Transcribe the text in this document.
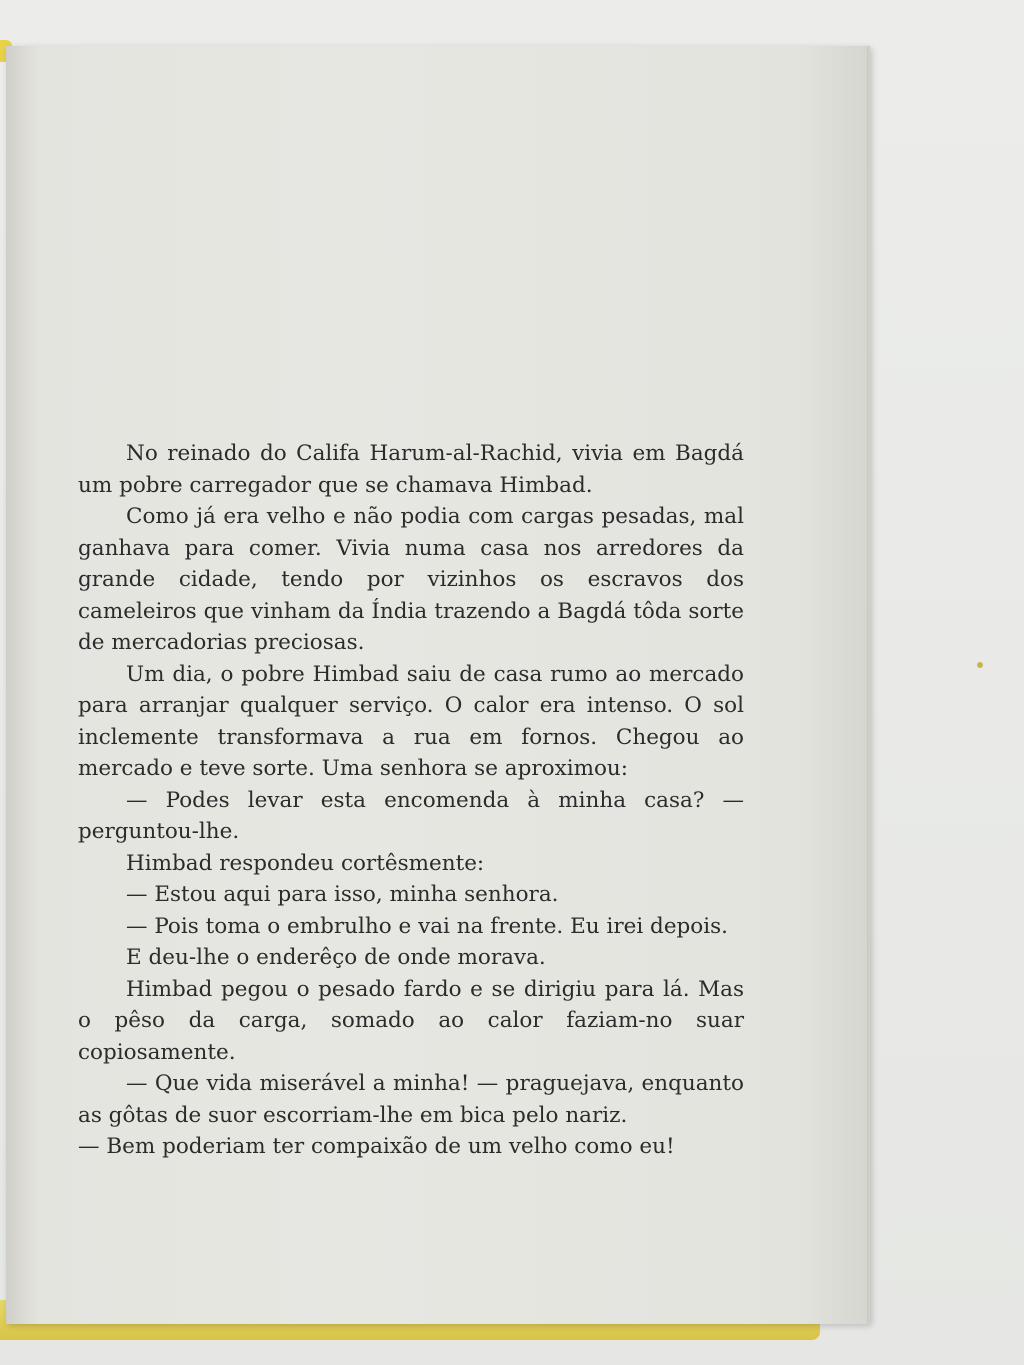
No reinado do Califa Harum-al-Rachid, vivia em Bagdá um pobre carregador que se chamava Himbad.

Como já era velho e não podia com cargas pesadas, mal ganhava para comer. Vivia numa casa nos arredores da grande cidade, tendo por vizinhos os escravos dos cameleiros que vinham da Índia trazendo a Bagdá tôda sorte de mercadorias preciosas.

Um dia, o pobre Himbad saiu de casa rumo ao mercado para arranjar qualquer serviço. O calor era intenso. O sol inclemente transformava a rua em fornos. Chegou ao mercado e teve sorte. Uma senhora se aproximou:

— Podes levar esta encomenda à minha casa? — perguntou-lhe.

Himbad respondeu cortêsmente:

— Estou aqui para isso, minha senhora.

— Pois toma o embrulho e vai na frente. Eu irei depois.

E deu-lhe o enderêço de onde morava.

Himbad pegou o pesado fardo e se dirigiu para lá. Mas o pêso da carga, somado ao calor faziam-no suar copiosamente.

— Que vida miserável a minha! — praguejava, enquanto as gôtas de suor escorriam-lhe em bica pelo nariz.

— Bem poderiam ter compaixão de um velho como eu!
